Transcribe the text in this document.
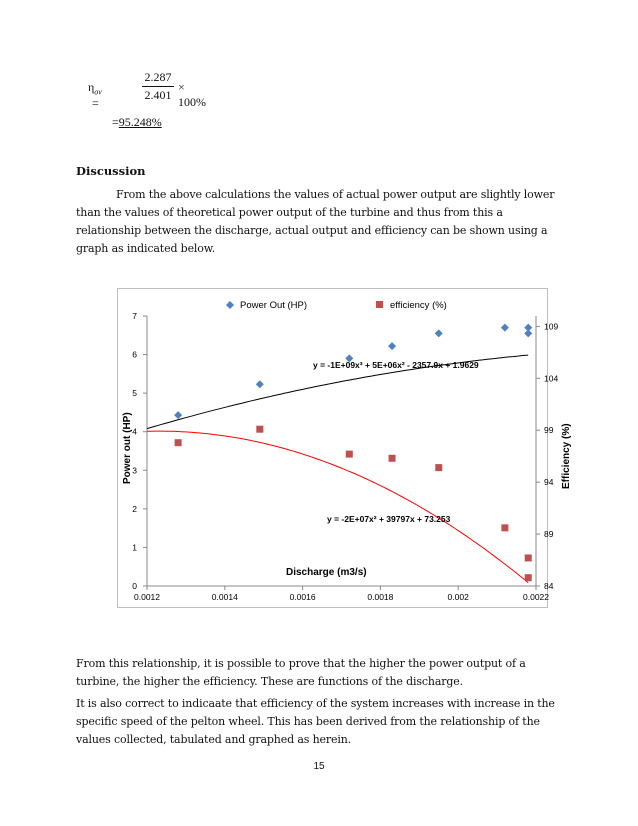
$\eta_{ov}$ =
$\frac{2.287}{2.401} \times 100\%$
=95.248%
Discussion
From the above calculations the values of actual power output are slightly lower than the values of theoretical power output of the turbine and thus from this a relationship between the discharge, actual output and efficiency can be shown using a graph as indicated below.
Power Out (HP)	efficiency (%)
0.0012	0.0014	0.0016	0.0018	0.002	0.0022
0
1
2
3
4
5
6
7
84
89
94
99
104
109
y = -1E+09x³ + 5E+06x² - 2357.9x + 1.9629
y = -2E+07x² + 39797x + 73.253
Discharge (m3/s)
Power out (HP)	Efficiency (%)
From this relationship, it is possible to prove that the higher the power output of a turbine, the higher the efficiency. These are functions of the discharge.
It is also correct to indicaate that efficiency of the system increases with increase in the specific speed of the pelton wheel. This has been derived from the relationship of the values collected, tabulated and graphed as herein.
15
